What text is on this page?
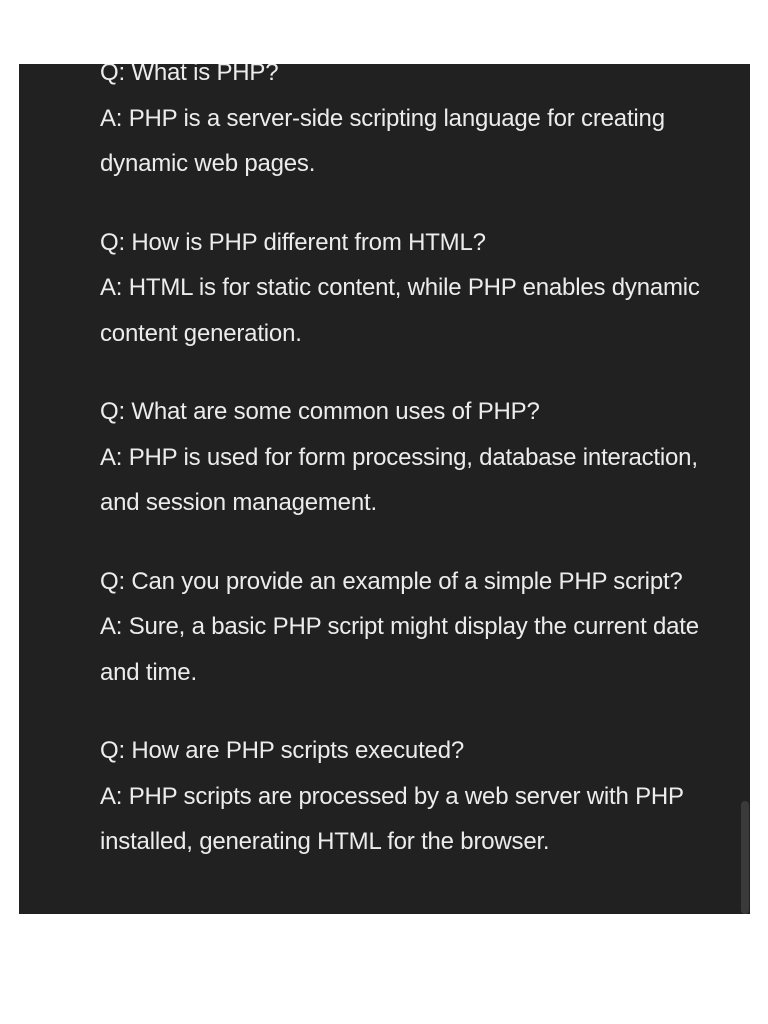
Q: What is PHP?
A: PHP is a server-side scripting language for creating dynamic web pages.
Q: How is PHP different from HTML?
A: HTML is for static content, while PHP enables dynamic content generation.
Q: What are some common uses of PHP?
A: PHP is used for form processing, database interaction, and session management.
Q: Can you provide an example of a simple PHP script?
A: Sure, a basic PHP script might display the current date and time.
Q: How are PHP scripts executed?
A: PHP scripts are processed by a web server with PHP installed, generating HTML for the browser.
